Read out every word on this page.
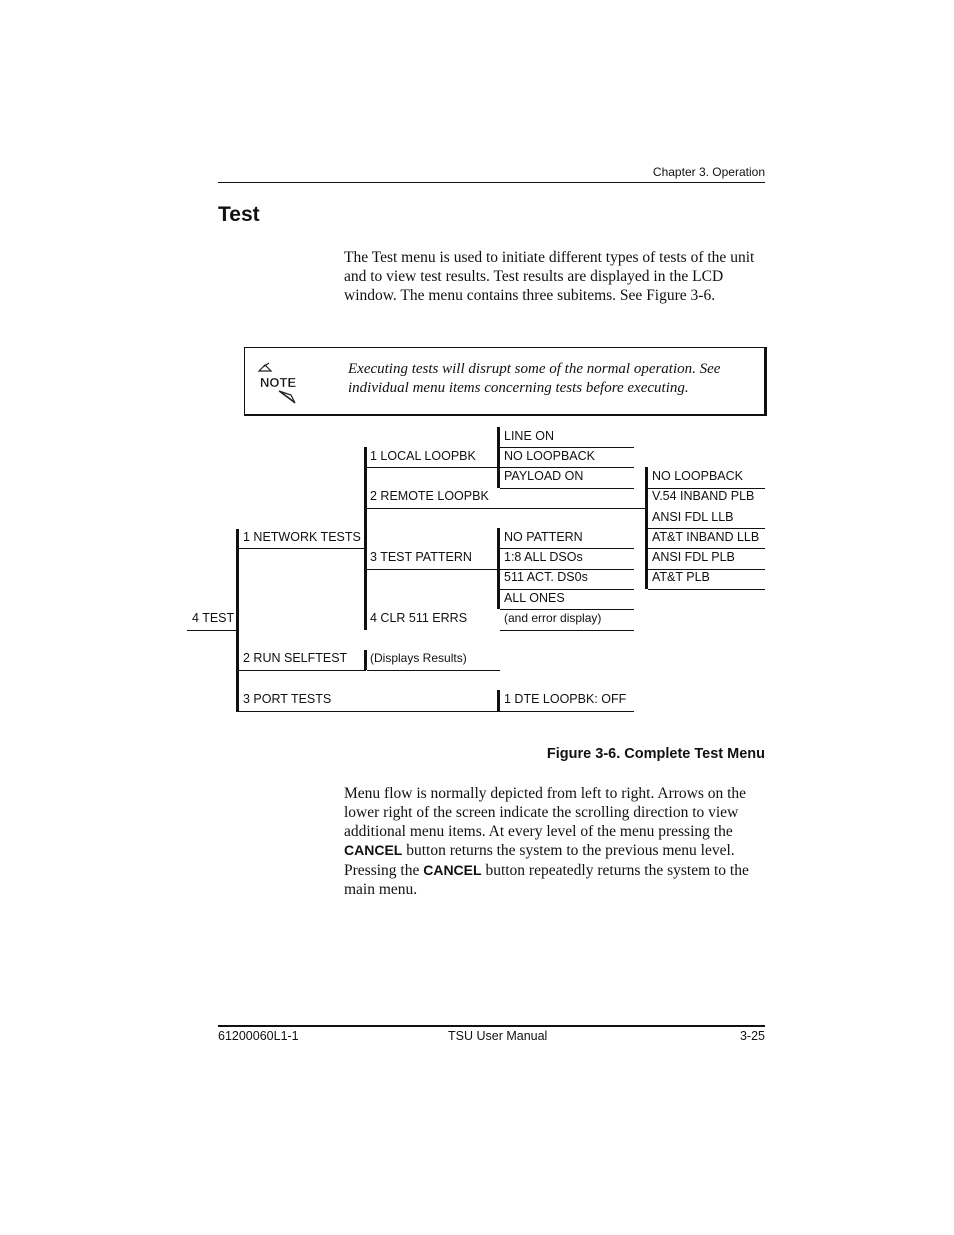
Chapter 3. Operation
Test
The Test menu is used to initiate different types of tests of the unit and to view test results. Test results are displayed in the LCD window. The menu contains three subitems. See Figure 3-6.
NOTE
Executing tests will disrupt some of the normal operation. See individual menu items concerning tests before executing.
4 TEST
1 NETWORK TESTS
2 RUN SELFTEST
3 PORT TESTS
1 LOCAL LOOPBK
2 REMOTE LOOPBK
3 TEST PATTERN
4 CLR 511 ERRS
(Displays Results)
LINE ON
NO LOOPBACK
PAYLOAD ON
NO PATTERN
1:8 ALL DSOs
511 ACT. DS0s
ALL ONES
(and error display)
1 DTE LOOPBK: OFF
NO LOOPBACK
V.54 INBAND PLB
ANSI FDL LLB
AT&T INBAND LLB
ANSI FDL PLB
AT&T PLB
Figure 3-6. Complete Test Menu
Menu flow is normally depicted from left to right. Arrows on the lower right of the screen indicate the scrolling direction to view additional menu items. At every level of the menu pressing the CANCEL button returns the system to the previous menu level. Pressing the CANCEL button repeatedly returns the system to the main menu.
61200060L1-1	TSU User Manual	3-25
